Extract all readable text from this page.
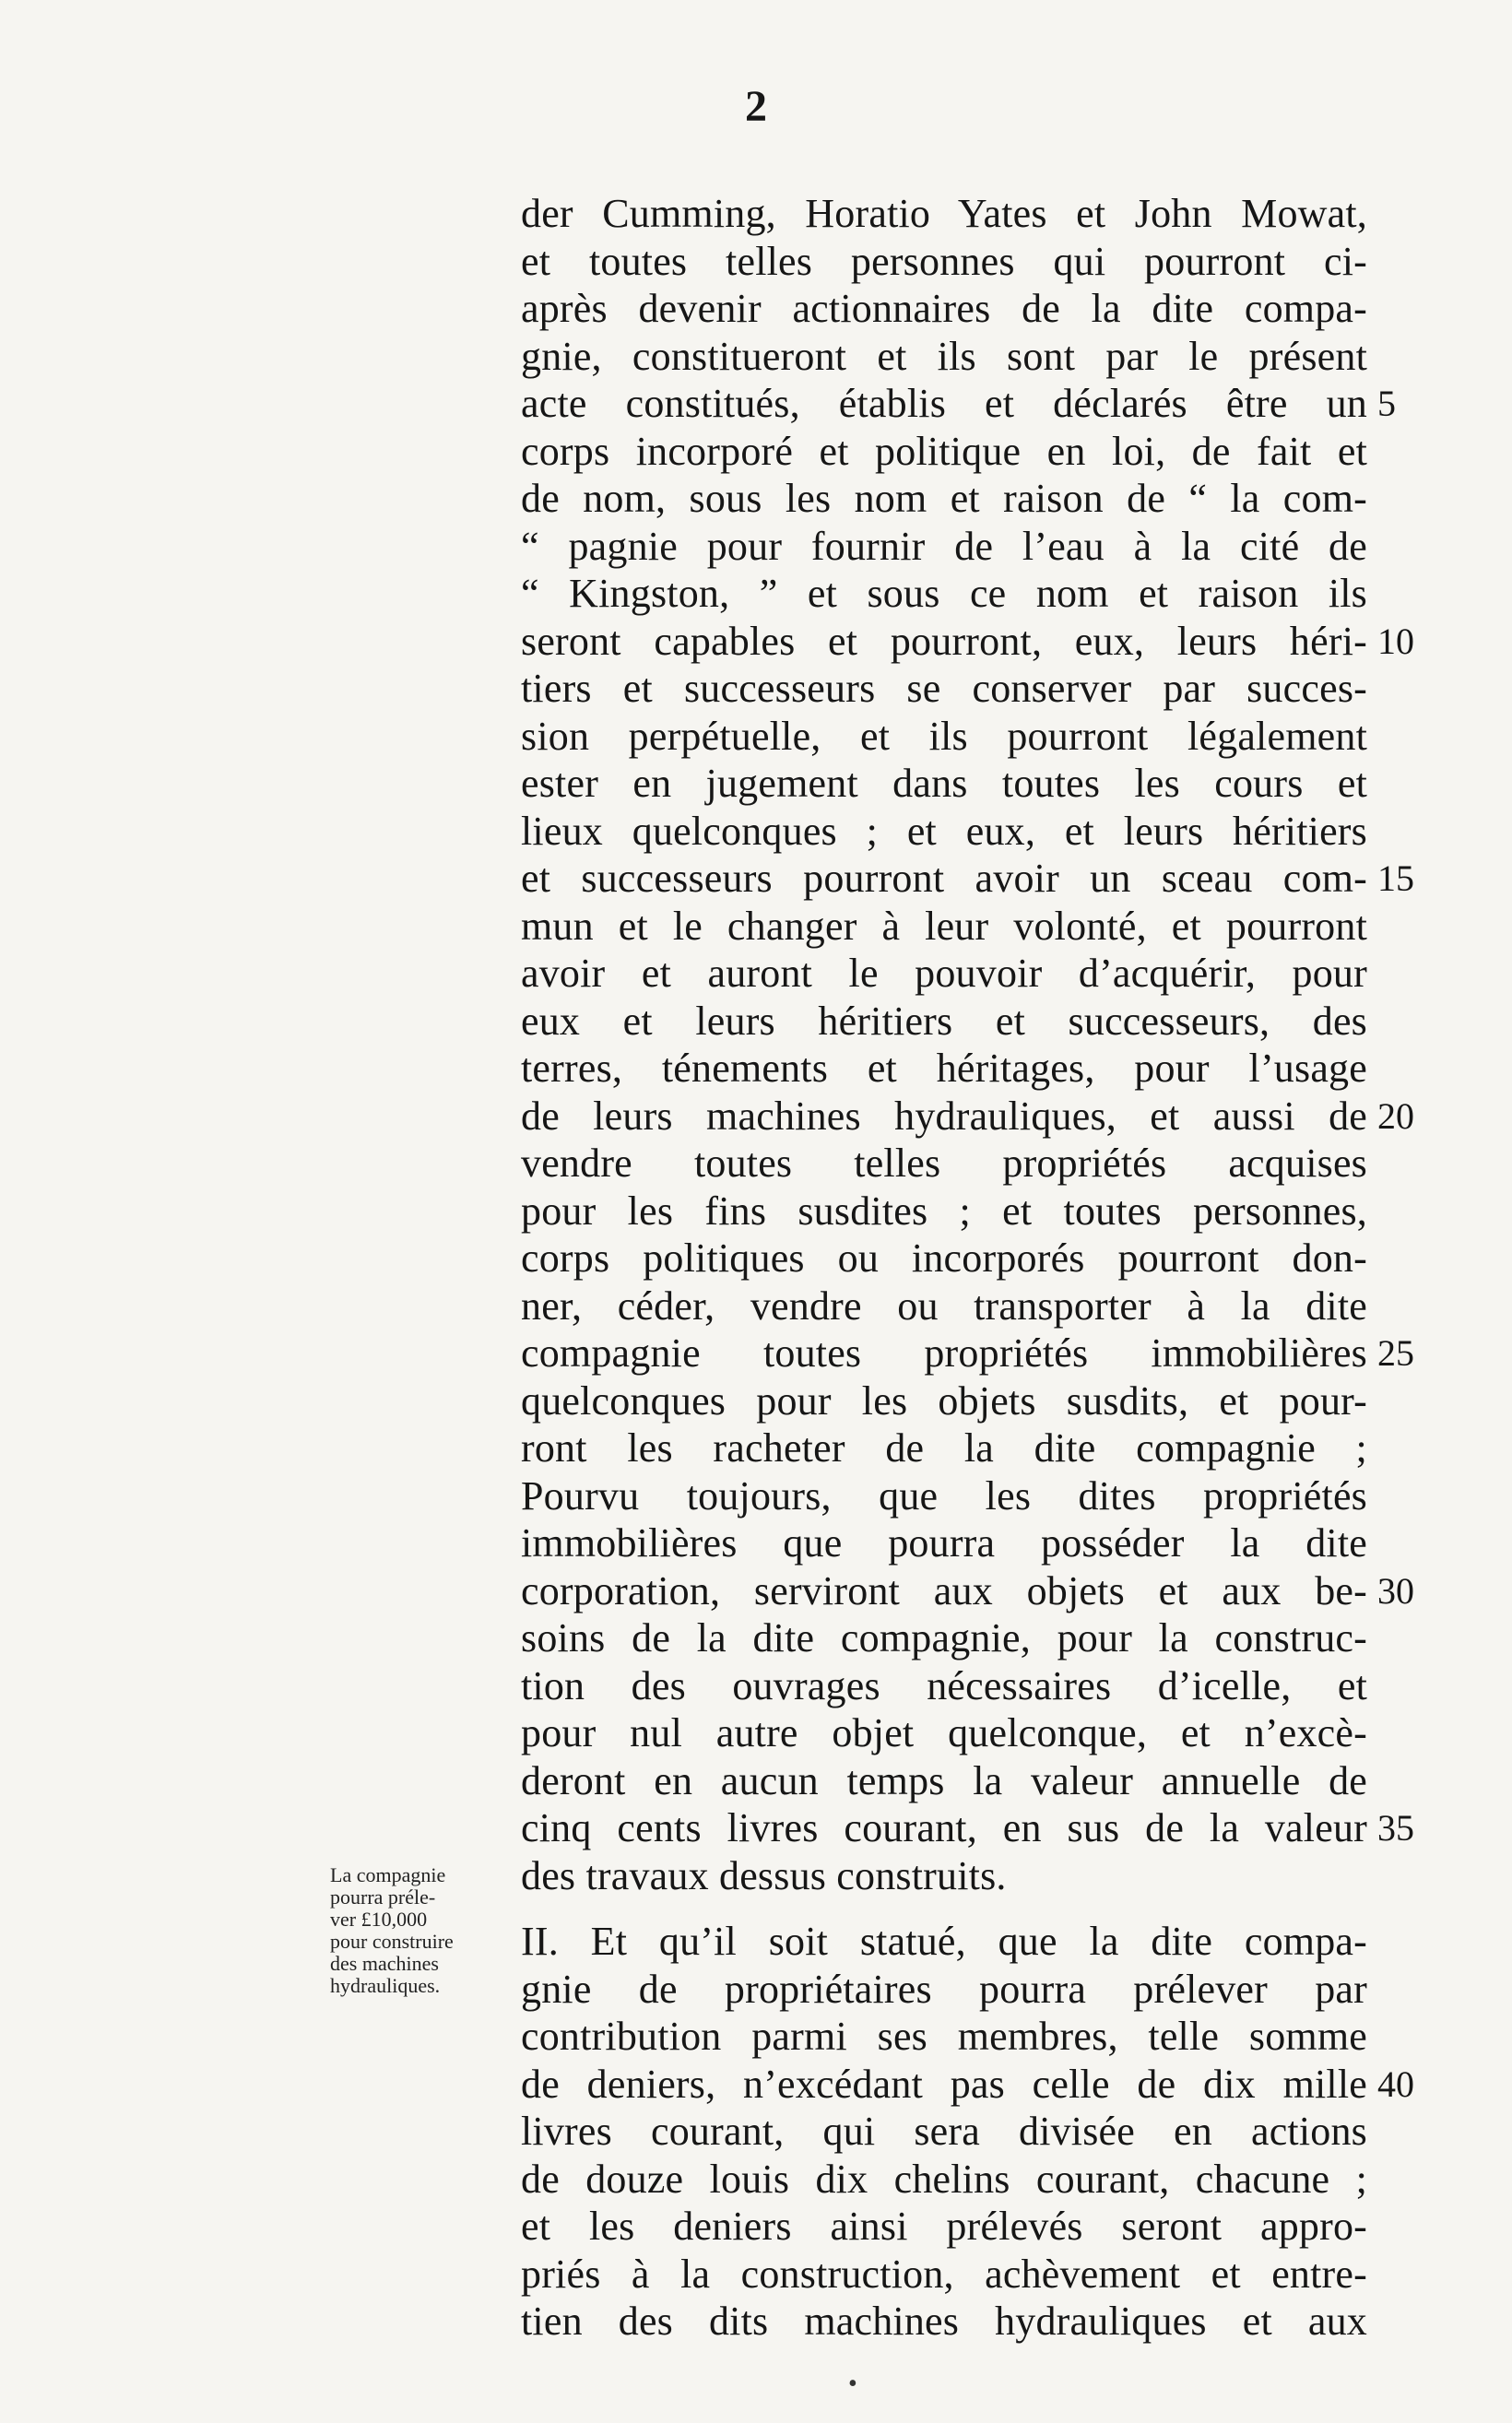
2
der Cumming, Horatio Yates et John Mowat,
et toutes telles personnes qui pourront ci-
après devenir actionnaires de la dite compa-
gnie, constitueront et ils sont par le présent
acte constitués, établis et déclarés être un
corps incorporé et politique en loi, de fait et
de nom, sous les nom et raison de “ la com-
“ pagnie pour fournir de l’eau à la cité de
“ Kingston, ” et sous ce nom et raison ils
seront capables et pourront, eux, leurs héri-
tiers et successeurs se conserver par succes-
sion perpétuelle, et ils pourront légalement
ester en jugement dans toutes les cours et
lieux quelconques ; et eux, et leurs héritiers
et successeurs pourront avoir un sceau com-
mun et le changer à leur volonté, et pourront
avoir et auront le pouvoir d’acquérir, pour
eux et leurs héritiers et successeurs, des
terres, ténements et héritages, pour l’usage
de leurs machines hydrauliques, et aussi de
vendre toutes telles propriétés acquises
pour les fins susdites ; et toutes personnes,
corps politiques ou incorporés pourront don-
ner, céder, vendre ou transporter à la dite
compagnie toutes propriétés immobilières
quelconques pour les objets susdits, et pour-
ront les racheter de la dite compagnie ;
Pourvu toujours, que les dites propriétés
immobilières que pourra posséder la dite
corporation, serviront aux objets et aux be-
soins de la dite compagnie, pour la construc-
tion des ouvrages nécessaires d’icelle, et
pour nul autre objet quelconque, et n’excè-
deront en aucun temps la valeur annuelle de
cinq cents livres courant, en sus de la valeur
des travaux dessus construits.
II. Et qu’il soit statué, que la dite compa-
gnie de propriétaires pourra prélever par
contribution parmi ses membres, telle somme
de deniers, n’excédant pas celle de dix mille
livres courant, qui sera divisée en actions
de douze louis dix chelins courant, chacune ;
et les deniers ainsi prélevés seront appro-
priés à la construction, achèvement et entre-
tien des dits machines hydrauliques et aux
5
10
15
20
25
30
35
40
La compagnie
pourra préle-
ver £10,000
pour construire
des machines
hydrauliques.
•
